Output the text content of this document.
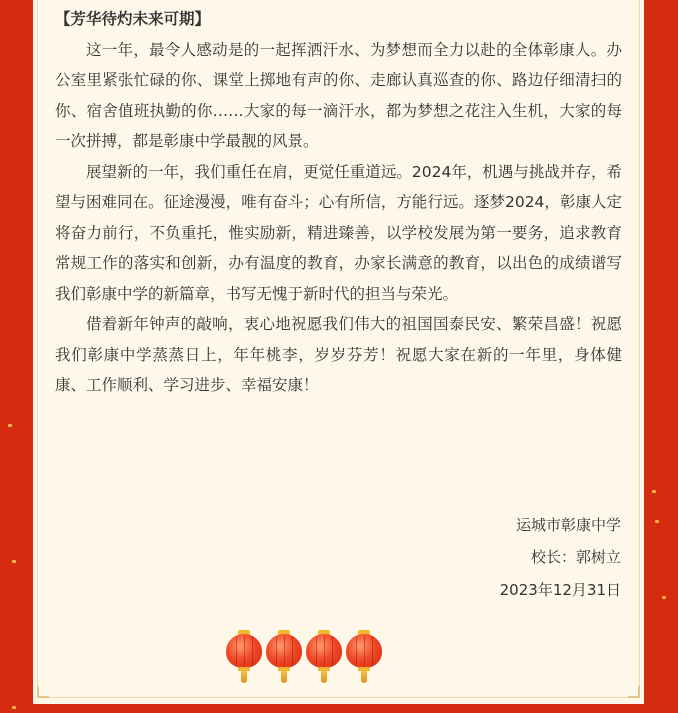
【芳华待灼未来可期】

这一年，最令人感动是的一起挥洒汗水、为梦想而全力以赴的全体彰康人。办公室里紧张忙碌的你、课堂上掷地有声的你、走廊认真巡查的你、路边仔细清扫的你、宿舍值班执勤的你……大家的每一滴汗水，都为梦想之花注入生机，大家的每一次拼搏，都是彰康中学最靓的风景。

展望新的一年，我们重任在肩，更觉任重道远。2024年，机遇与挑战并存，希望与困难同在。征途漫漫，唯有奋斗；心有所信，方能行远。逐梦2024，彰康人定将奋力前行，不负重托，惟实励新，精进臻善，以学校发展为第一要务，追求教育常规工作的落实和创新，办有温度的教育，办家长满意的教育，以出色的成绩谱写我们彰康中学的新篇章，书写无愧于新时代的担当与荣光。

借着新年钟声的敲响，衷心地祝愿我们伟大的祖国国泰民安、繁荣昌盛！祝愿我们彰康中学蒸蒸日上，年年桃李，岁岁芬芳！祝愿大家在新的一年里，身体健康、工作顺利、学习进步、幸福安康！

运城市彰康中学
校长：郭树立
2023年12月31日
